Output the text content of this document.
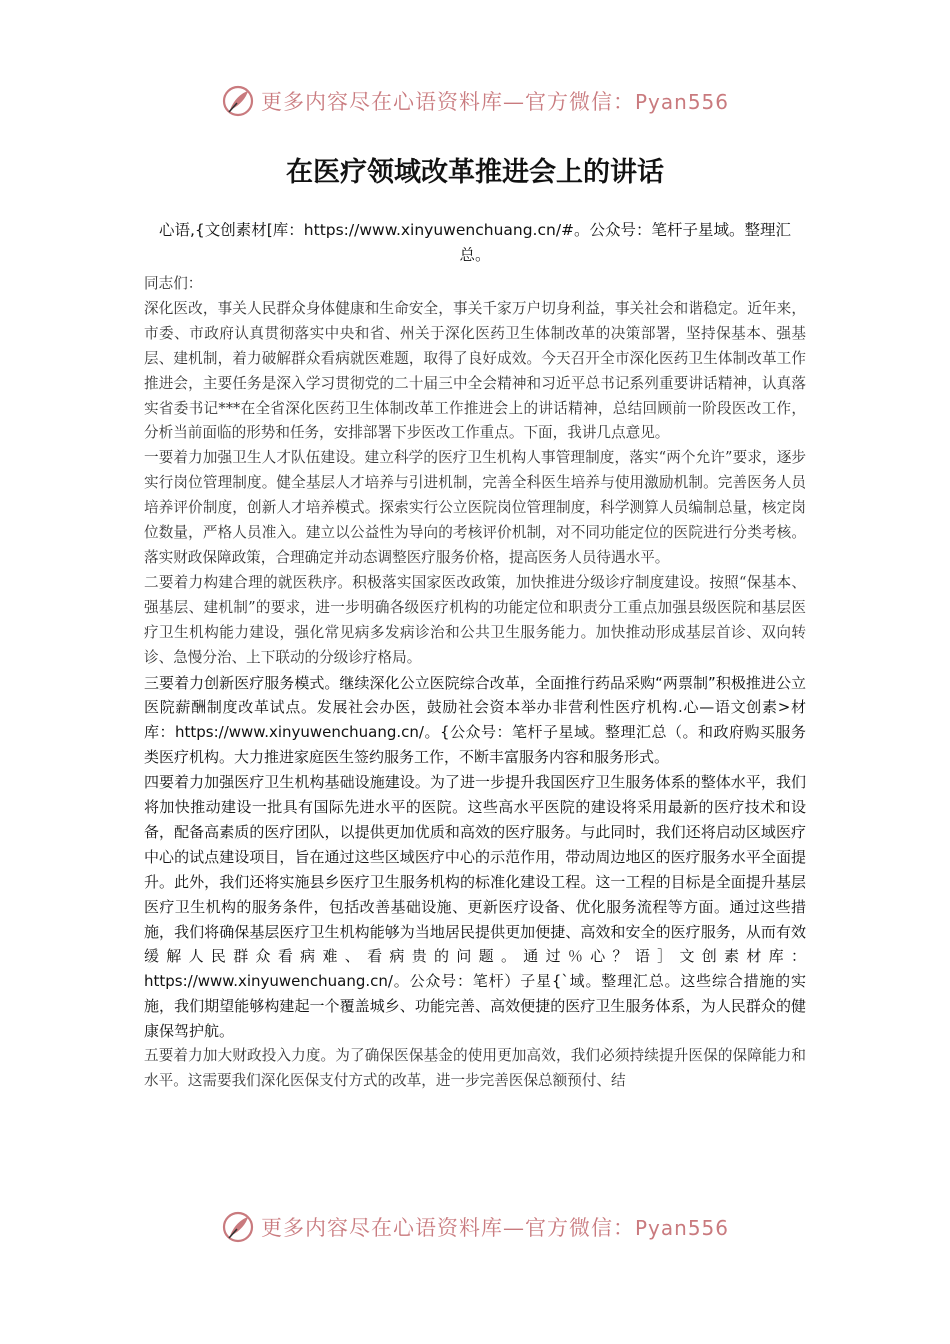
更多内容尽在心语资料库—官方微信：Pyan556
在医疗领域改革推进会上的讲话

心语,{文创素材[库：https://www.xinyuwenchuang.cn/#。公众号：笔杆子星域。整理汇总。

同志们：

深化医改，事关人民群众身体健康和生命安全，事关千家万户切身利益，事关社会和谐稳定。近年来，市委、市政府认真贯彻落实中央和省、州关于深化医药卫生体制改革的决策部署，坚持保基本、强基层、建机制，着力破解群众看病就医难题，取得了良好成效。今天召开全市深化医药卫生体制改革工作推进会，主要任务是深入学习贯彻党的二十届三中全会精神和习近平总书记系列重要讲话精神，认真落实省委书记***在全省深化医药卫生体制改革工作推进会上的讲话精神，总结回顾前一阶段医改工作，分析当前面临的形势和任务，安排部署下步医改工作重点。下面，我讲几点意见。

一要着力加强卫生人才队伍建设。建立科学的医疗卫生机构人事管理制度，落实“两个允许”要求，逐步实行岗位管理制度。健全基层人才培养与引进机制，完善全科医生培养与使用激励机制。完善医务人员培养评价制度，创新人才培养模式。探索实行公立医院岗位管理制度，科学测算人员编制总量，核定岗位数量，严格人员准入。建立以公益性为导向的考核评价机制，对不同功能定位的医院进行分类考核。落实财政保障政策，合理确定并动态调整医疗服务价格，提高医务人员待遇水平。

二要着力构建合理的就医秩序。积极落实国家医改政策，加快推进分级诊疗制度建设。按照“保基本、强基层、建机制”的要求，进一步明确各级医疗机构的功能定位和职责分工重点加强县级医院和基层医疗卫生机构能力建设，强化常见病多发病诊治和公共卫生服务能力。加快推动形成基层首诊、双向转诊、急慢分治、上下联动的分级诊疗格局。

三要着力创新医疗服务模式。继续深化公立医院综合改革，全面推行药品采购“两票制”积极推进公立医院薪酬制度改革试点。发展社会办医，鼓励社会资本举办非营利性医疗机构.心—语文创素>材库：https://www.xinyuwenchuang.cn/。{公众号：笔杆子星域。整理汇总（。和政府购买服务类医疗机构。大力推进家庭医生签约服务工作，不断丰富服务内容和服务形式。

四要着力加强医疗卫生机构基础设施建设。为了进一步提升我国医疗卫生服务体系的整体水平，我们将加快推动建设一批具有国际先进水平的医院。这些高水平医院的建设将采用最新的医疗技术和设备，配备高素质的医疗团队，以提供更加优质和高效的医疗服务。与此同时，我们还将启动区域医疗中心的试点建设项目，旨在通过这些区域医疗中心的示范作用，带动周边地区的医疗服务水平全面提升。此外，我们还将实施县乡医疗卫生服务机构的标准化建设工程。这一工程的目标是全面提升基层医疗卫生机构的服务条件，包括改善基础设施、更新医疗设备、优化服务流程等方面。通过这些措施，我们将确保基层医疗卫生机构能够为当地居民提供更加便捷、高效和安全的医疗服务，从而有效缓解人民群众看病难、看病贵的问题。通过％心？语］文创素材库：https://www.xinyuwenchuang.cn/。公众号：笔杆）子星{`域。整理汇总。这些综合措施的实施，我们期望能够构建起一个覆盖城乡、功能完善、高效便捷的医疗卫生服务体系，为人民群众的健康保驾护航。

五要着力加大财政投入力度。为了确保医保基金的使用更加高效，我们必须持续提升医保的保障能力和水平。这需要我们深化医保支付方式的改革，进一步完善医保总额预付、结

更多内容尽在心语资料库—官方微信：Pyan556
